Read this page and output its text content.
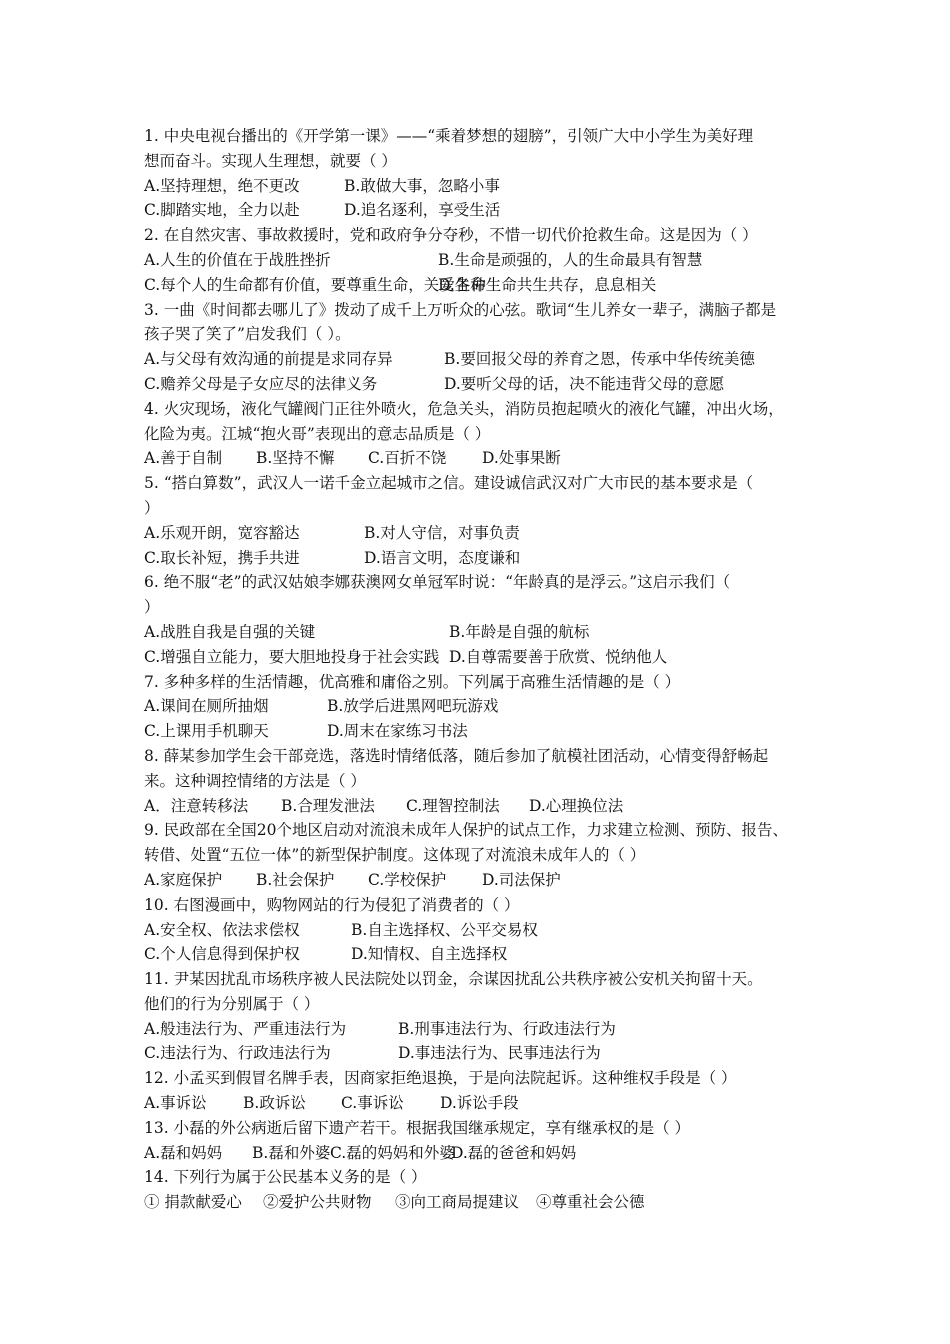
1. 中央电视台播出的《开学第一课》——“乘着梦想的翅膀”，引领广大中小学生为美好理
想而奋斗。实现人生理想，就要（ ）
A.坚持理想，绝不更改	B.敢做大事，忽略小事
C.脚踏实地，全力以赴	D.追名逐利，享受生活
2. 在自然灾害、事故救援时，党和政府争分夺秒，不惜一切代价抢救生命。这是因为（ ）
A.人生的价值在于战胜挫折	B.生命是顽强的，人的生命最具有智慧
C.每个人的生命都有价值，要尊重生命，关爱生命
D.各种生命共生共存，息息相关
3. 一曲《时间都去哪儿了》拨动了成千上万听众的心弦。歌词“生儿养女一辈子，满脑子都是
孩子哭了笑了”启发我们（ ）。
A.与父母有效沟通的前提是求同存异	B.要回报父母的养育之恩，传承中华传统美德
C.赡养父母是子女应尽的法律义务	D.要听父母的话，决不能违背父母的意愿
4. 火灾现场，液化气罐阀门正往外喷火，危急关头，消防员抱起喷火的液化气罐，冲出火场，
化险为夷。江城“抱火哥”表现出的意志品质是（ ）
A.善于自制 B.坚持不懈 C.百折不饶 D.处事果断
5. “搭白算数”，武汉人一诺千金立起城市之信。建设诚信武汉对广大市民的基本要求是（
）
A.乐观开朗，宽容豁达	B.对人守信，对事负责
C.取长补短，携手共进	D.语言文明，态度谦和
6. 绝不服“老”的武汉姑娘李娜获澳网女单冠军时说：“年龄真的是浮云。”这启示我们（
）
A.战胜自我是自强的关键	B.年龄是自强的航标
C.增强自立能力，要大胆地投身于社会实践 D.自尊需要善于欣赏、悦纳他人
7. 多种多样的生活情趣，优高雅和庸俗之别。下列属于高雅生活情趣的是（ ）
A.课间在厕所抽烟	B.放学后进黑网吧玩游戏
C.上课用手机聊天	D.周末在家练习书法
8. 薛某参加学生会干部竞选，落选时情绪低落，随后参加了航模社团活动，心情变得舒畅起
来。这种调控情绪的方法是（ ）
A．注意转移法 B.合理发泄法 C.理智控制法 D.心理换位法
9. 民政部在全国20个地区启动对流浪未成年人保护的试点工作，力求建立检测、预防、报告、
转借、处置“五位一体”的新型保护制度。这体现了对流浪未成年人的（ ）
A.家庭保护 B.社会保护 C.学校保护 D.司法保护
10. 右图漫画中，购物网站的行为侵犯了消费者的（ ）
A.安全权、依法求偿权	B.自主选择权、公平交易权
C.个人信息得到保护权	D.知情权、自主选择权
11. 尹某因扰乱市场秩序被人民法院处以罚金，佘谋因扰乱公共秩序被公安机关拘留十天。
他们的行为分别属于（ ）
A.般违法行为、严重违法行为	B.刑事违法行为、行政违法行为
C.违法行为、行政违法行为	D.事违法行为、民事违法行为
12. 小孟买到假冒名牌手表，因商家拒绝退换，于是向法院起诉。这种维权手段是（ ）
A.事诉讼 B.政诉讼 C.事诉讼 D.诉讼手段
13. 小磊的外公病逝后留下遗产若干。根据我国继承规定，享有继承权的是（ ）
A.磊和妈妈 B.磊和外婆 C.磊的妈妈和外婆
D.磊的爸爸和妈妈
14. 下列行为属于公民基本义务的是（ ）
① 捐款献爱心 ②爱护公共财物 ③向工商局提建议 ④尊重社会公德
